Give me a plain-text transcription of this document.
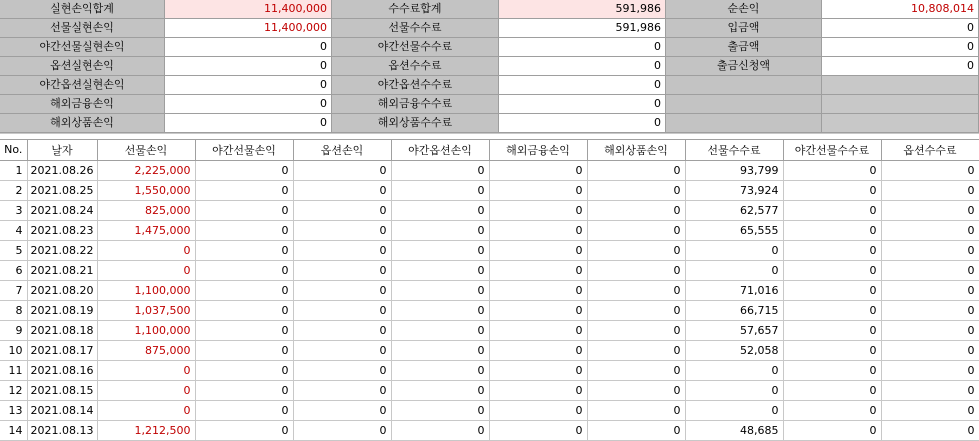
실현손익합계	11,400,000	수수료합계	591,986	순손익	10,808,014
선물실현손익	11,400,000	선물수수료	591,986	입금액	0
야간선물실현손익	0	야간선물수수료	0	출금액	0
옵션실현손익	0	옵션수수료	0	출금신청액	0
야간옵션실현손익	0	야간옵션수수료	0
해외금융손익	0	해외금융수수료	0
해외상품손익	0	해외상품수수료	0
No.	날자	선물손익	야간선물손익	옵션손익	야간옵션손익	해외금융손익	해외상품손익	선물수수료	야간선물수수료	옵션수수료
1	2021.08.26	2,225,000	0	0	0	0	0	93,799	0	0
2	2021.08.25	1,550,000	0	0	0	0	0	73,924	0	0
3	2021.08.24	825,000	0	0	0	0	0	62,577	0	0
4	2021.08.23	1,475,000	0	0	0	0	0	65,555	0	0
5	2021.08.22	0	0	0	0	0	0	0	0	0
6	2021.08.21	0	0	0	0	0	0	0	0	0
7	2021.08.20	1,100,000	0	0	0	0	0	71,016	0	0
8	2021.08.19	1,037,500	0	0	0	0	0	66,715	0	0
9	2021.08.18	1,100,000	0	0	0	0	0	57,657	0	0
10	2021.08.17	875,000	0	0	0	0	0	52,058	0	0
11	2021.08.16	0	0	0	0	0	0	0	0	0
12	2021.08.15	0	0	0	0	0	0	0	0	0
13	2021.08.14	0	0	0	0	0	0	0	0	0
14	2021.08.13	1,212,500	0	0	0	0	0	48,685	0	0
